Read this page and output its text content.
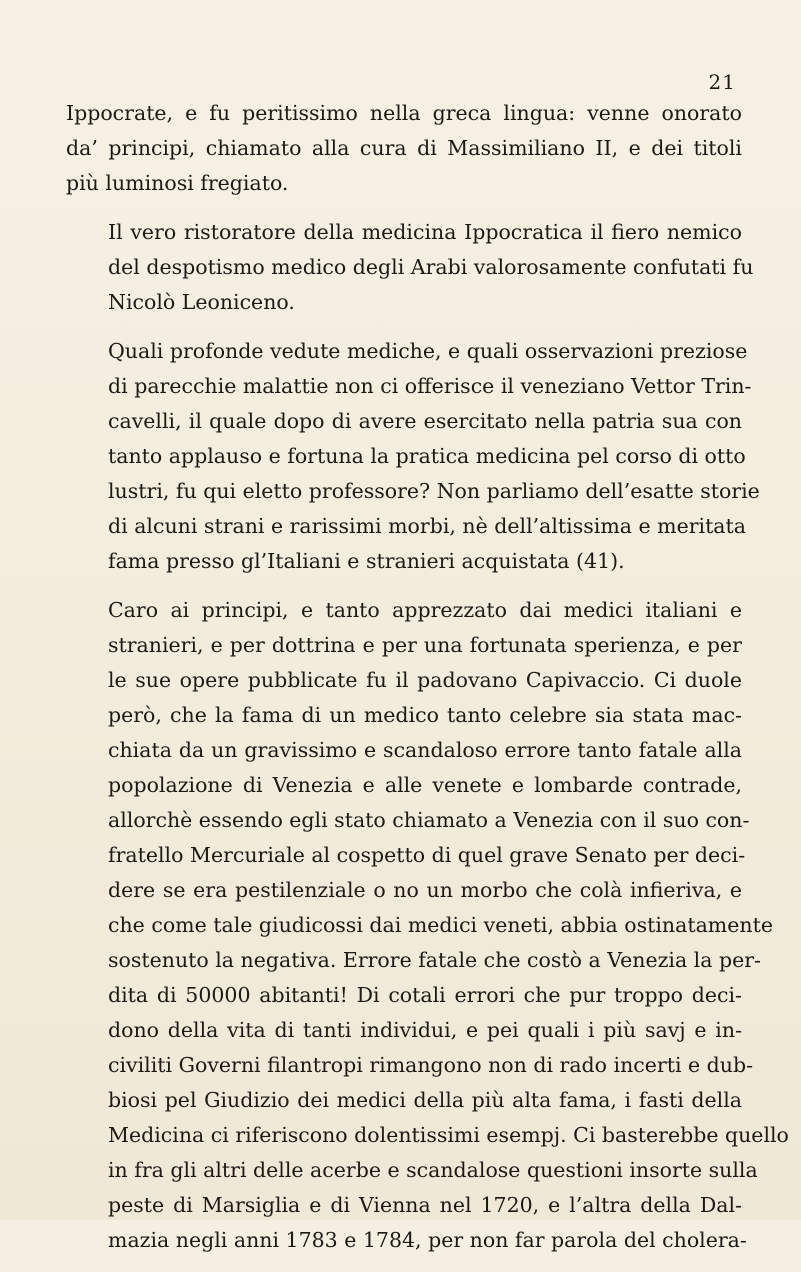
21
Ippocrate, e fu peritissimo nella greca lingua: venne onorato
da’ principi, chiamato alla cura di Massimiliano II, e dei titoli
più luminosi fregiato.
Il vero ristoratore della medicina Ippocratica il fiero nemico
del despotismo medico degli Arabi valorosamente confutati fu
Nicolò Leoniceno.
Quali profonde vedute mediche, e quali osservazioni preziose
di parecchie malattie non ci offerisce il veneziano Vettor Trin-
cavelli, il quale dopo di avere esercitato nella patria sua con
tanto applauso e fortuna la pratica medicina pel corso di otto
lustri, fu qui eletto professore? Non parliamo dell’esatte storie
di alcuni strani e rarissimi morbi, nè dell’altissima e meritata
fama presso gl’Italiani e stranieri acquistata (41).
Caro ai principi, e tanto apprezzato dai medici italiani e
stranieri, e per dottrina e per una fortunata sperienza, e per
le sue opere pubblicate fu il padovano Capivaccio. Ci duole
però, che la fama di un medico tanto celebre sia stata mac-
chiata da un gravissimo e scandaloso errore tanto fatale alla
popolazione di Venezia e alle venete e lombarde contrade,
allorchè essendo egli stato chiamato a Venezia con il suo con-
fratello Mercuriale al cospetto di quel grave Senato per deci-
dere se era pestilenziale o no un morbo che colà infieriva, e
che come tale giudicossi dai medici veneti, abbia ostinatamente
sostenuto la negativa. Errore fatale che costò a Venezia la per-
dita di 50000 abitanti! Di cotali errori che pur troppo deci-
dono della vita di tanti individui, e pei quali i più savj e in-
civiliti Governi filantropi rimangono non di rado incerti e dub-
biosi pel Giudizio dei medici della più alta fama, i fasti della
Medicina ci riferiscono dolentissimi esempj. Ci basterebbe quello
in fra gli altri delle acerbe e scandalose questioni insorte sulla
peste di Marsiglia e di Vienna nel 1720, e l’altra della Dal-
mazia negli anni 1783 e 1784, per non far parola del cholera-
